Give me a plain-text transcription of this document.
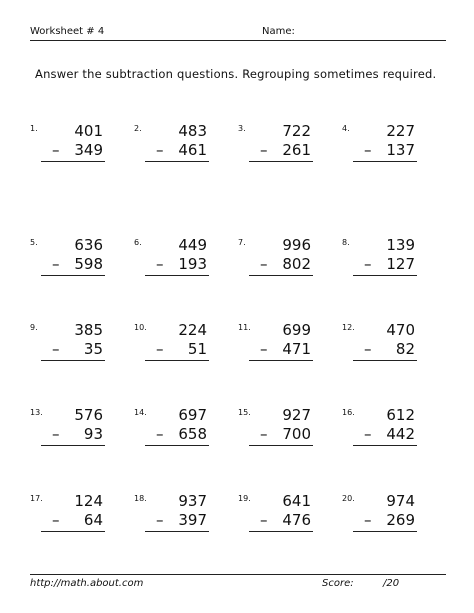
Worksheet # 4	Name:
Answer the subtraction questions. Regrouping sometimes required.
1.	401
– 349
2.	483
– 461
3.	722
– 261
4.	227
– 137
5.	636
– 598
6.	449
– 193
7.	996
– 802
8.	139
– 127
9.	385
–	35
10.	224
–	51
11.	699
– 471
12.	470
–	82
13.	576
–	93
14.	697
– 658
15.	927
– 700
16.	612
– 442
17.	124
–	64
18.	937
– 397
19.	641
– 476
20.	974
– 269
http://math.about.com	Score:	/20
